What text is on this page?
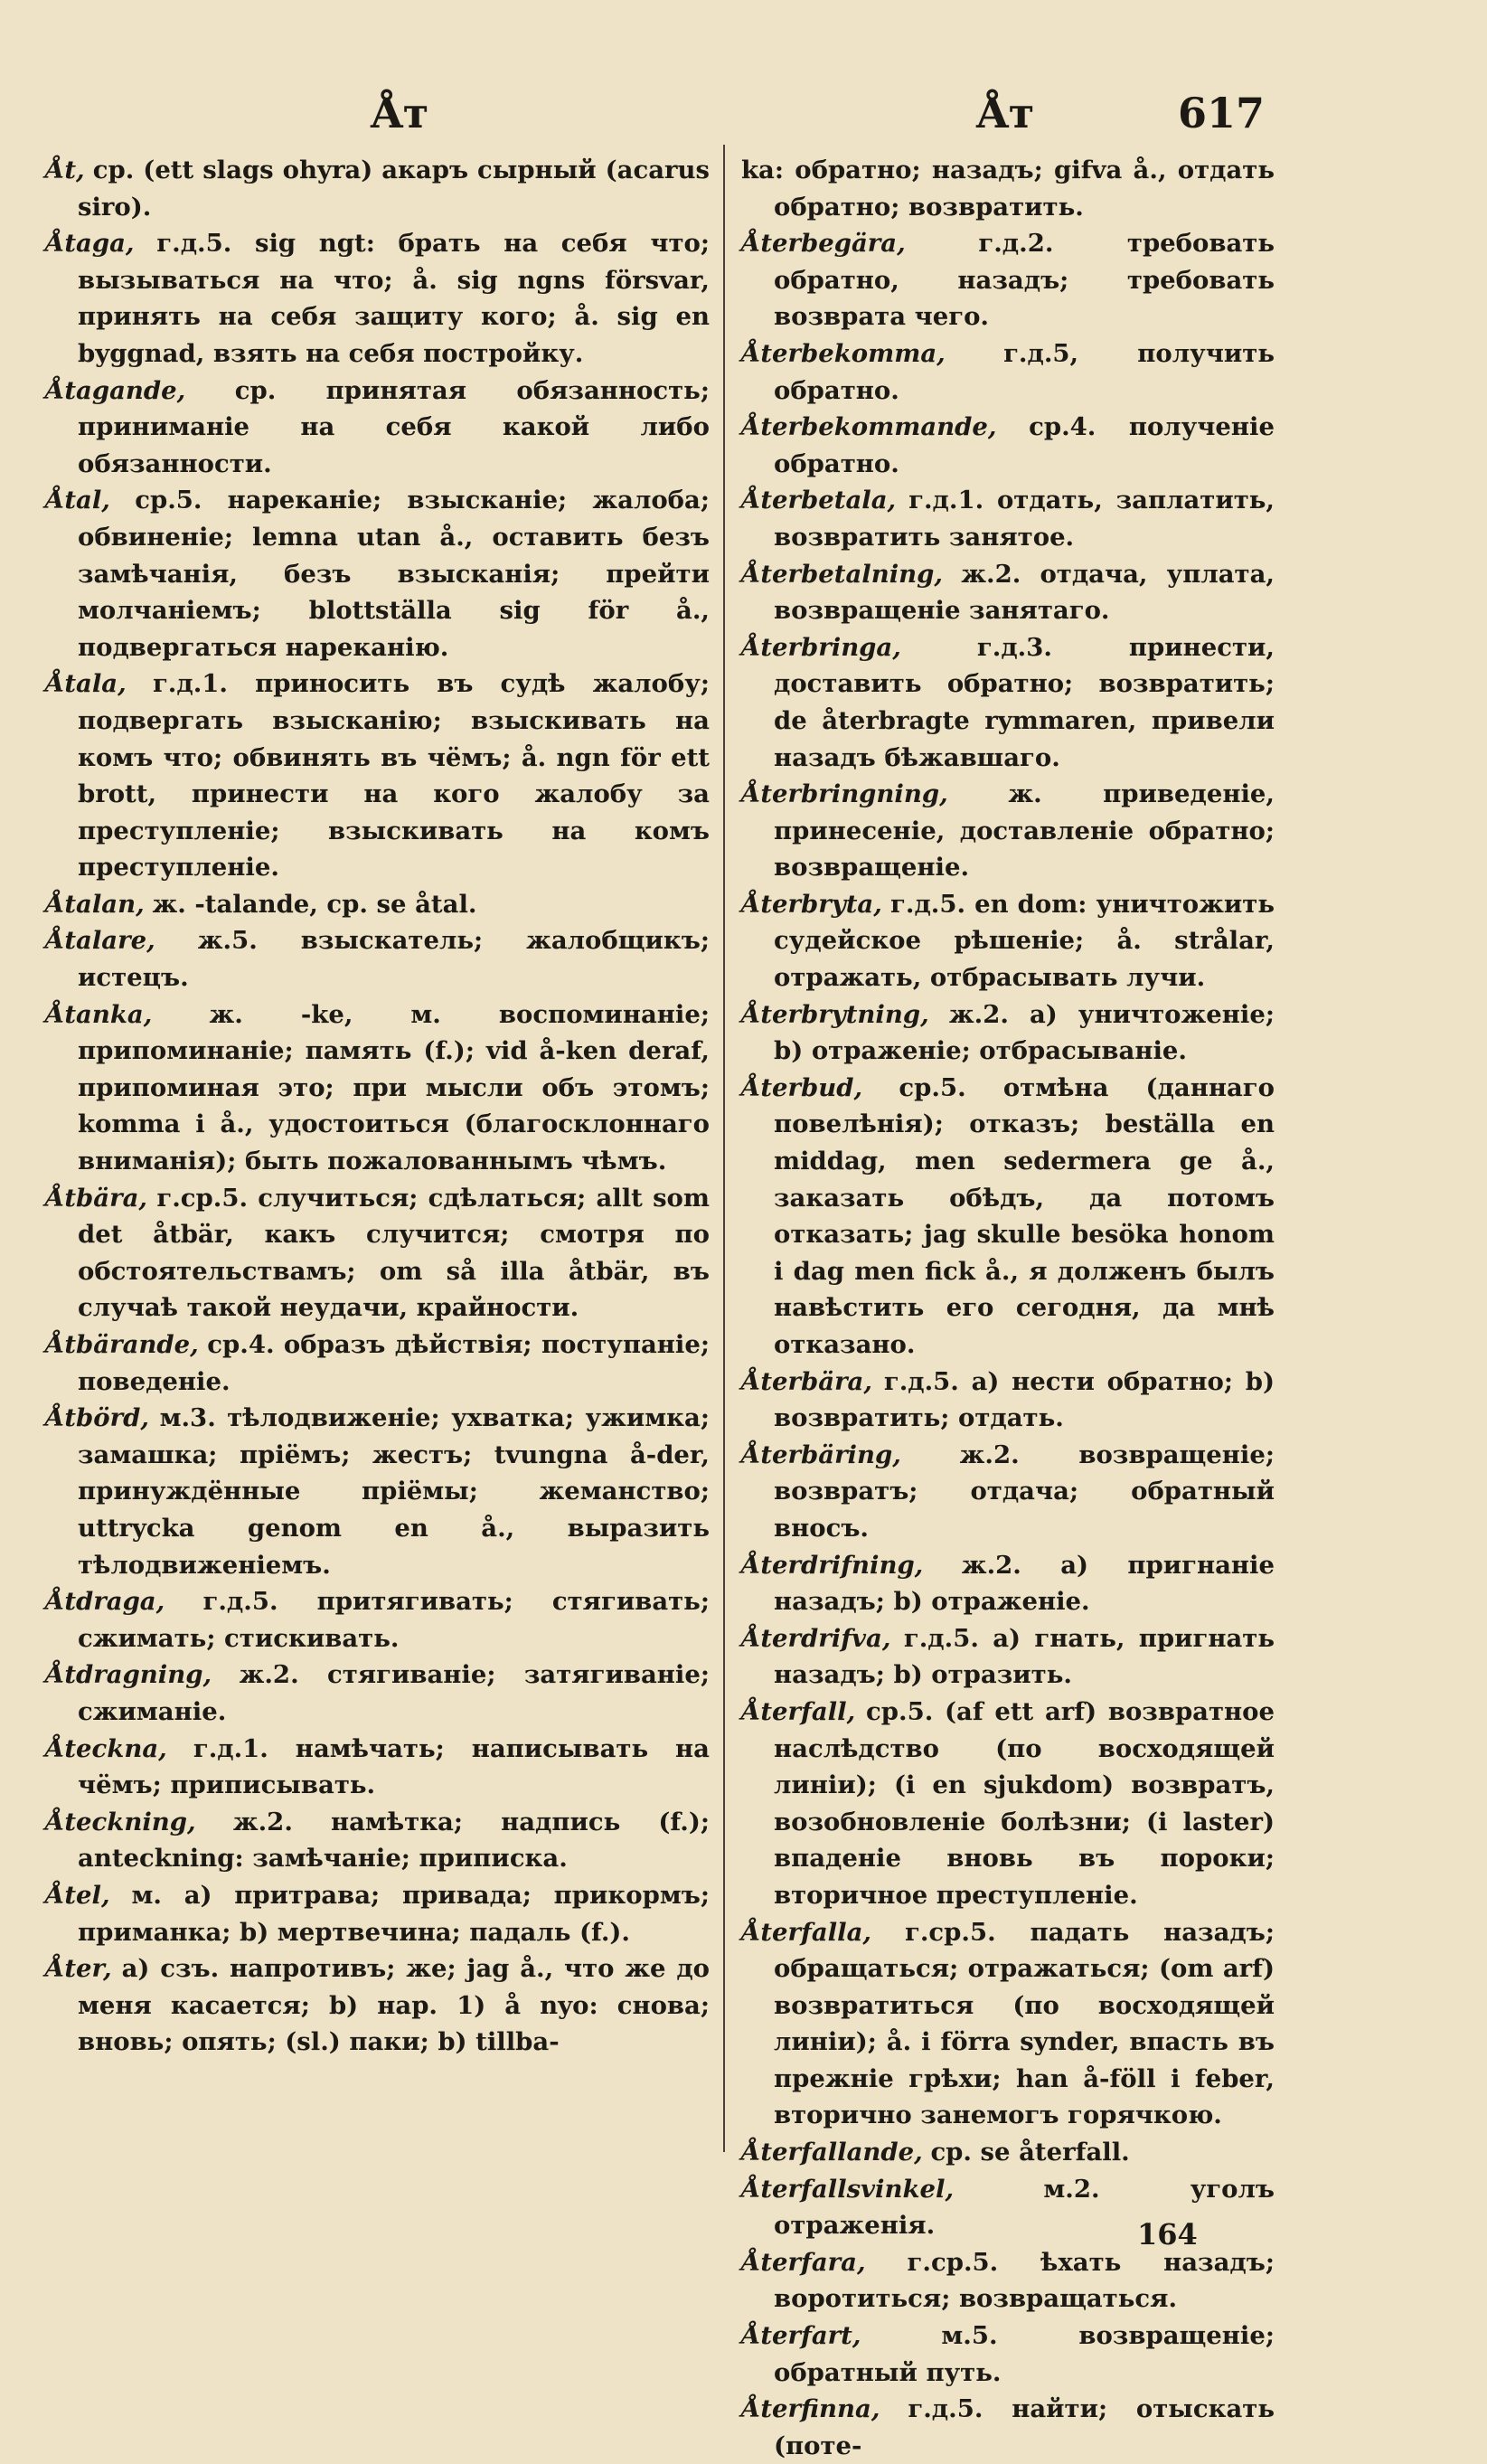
Åт	Åт	617
Åt, ср. (ett slags ohyra) акаръ сырный (acarus siro).
Åtaga, г.д.5. sig ngt: брать на себя что; вызываться на что; å. sig ngns försvar, принять на себя защиту кого; å. sig en byggnad, взять на себя постройку.
Åtagande, ср. принятая обязанность; приниманіе на себя какой либо обязанности.
Åtal, ср.5. нареканіе; взысканіе; жалоба; обвиненіе; lemna utan å., оставить безъ замѣчанія, безъ взысканія; прейти молчаніемъ; blottställa sig för å., подвергаться нареканію.
Åtala, г.д.1. приносить въ судѣ жалобу; подвергать взысканію; взыскивать на комъ что; обвинять въ чёмъ; å. ngn för ett brott, принести на кого жалобу за преступленіе; взыскивать на комъ преступленіе.
Åtalan, ж. -talande, ср. se åtal.
Åtalare, ж.5. взыскатель; жалобщикъ; истецъ.
Åtanka, ж. -ke, м. воспоминаніе; припоминаніе; память (f.); vid å-ken deraf, припоминая это; при мысли объ этомъ; komma i å., удостоиться (благосклоннаго вниманія); быть пожалованнымъ чѣмъ.
Åtbära, г.ср.5. случиться; сдѣлаться; allt som det åtbär, какъ случится; смотря по обстоятельствамъ; om så illa åtbär, въ случаѣ такой неудачи, крайности.
Åtbärande, ср.4. образъ дѣйствія; поступаніе; поведеніе.
Åtbörd, м.3. тѣлодвиженіе; ухватка; ужимка; замашка; пріёмъ; жестъ; tvungna å-der, принуждённые пріёмы; жеманство; uttrycka genom en å., выразить тѣлодвиженіемъ.
Åtdraga, г.д.5. притягивать; стягивать; сжимать; стискивать.
Åtdragning, ж.2. стягиваніе; затягиваніе; сжиманіе.
Åteckna, г.д.1. намѣчать; написывать на чёмъ; приписывать.
Åteckning, ж.2. намѣтка; надпись (f.); anteckning: замѣчаніе; приписка.
Åtel, м. a) притрава; привада; прикормъ; приманка; b) мертвечина; падаль (f.).
Åter, a) сзъ. напротивъ; же; jag å., что же до меня касается; b) нар. 1) å nyo: снова; вновь; опять; (sl.) паки; b) tillba-
ka: обратно; назадъ; gifva å., отдать обратно; возвратить.
Återbegära,	г.д.2. требовать обратно, назадъ; требовать возврата чего.
Återbekomma, г.д.5, получить обратно.
Återbekommande, ср.4. полученіе обратно.
Återbetala, г.д.1. отдать, заплатить, возвратить занятое.
Återbetalning, ж.2. отдача, уплата, возвращеніе занятаго.
Återbringa,	г.д.3. принести, доставить обратно; возвратить; de återbragte rymmaren, привели назадъ бѣжавшаго.
Återbringning, ж. приведеніе, принесеніе, доставленіе обратно; возвращеніе.
Återbryta, г.д.5. en dom: уничтожить судейское рѣшеніе; å. strålar, отражать, отбрасывать лучи.
Återbrytning, ж.2. a) уничтоженіе; b) отраженіе; отбрасываніе.
Återbud, ср.5. отмѣна (даннаго повелѣнія); отказъ; beställa en middag, men sedermera ge å., заказать обѣдъ, да потомъ отказать; jag skulle besöka honom i dag men fick å., я долженъ былъ навѣстить его сегодня, да мнѣ отказано.
Återbära, г.д.5. a) нести обратно; b) возвратить; отдать.
Återbäring, ж.2. возвращеніе; возвратъ; отдача; обратный вносъ.
Återdrifning, ж.2. a) пригнаніе назадъ; b) отраженіе.
Återdrifva, г.д.5. a) гнать, пригнать назадъ; b) отразить.
Återfall, ср.5. (af ett arf) возвратное наслѣдство (по восходящей линіи); (i en sjukdom) возвратъ, возобновленіе болѣзни; (i laster) впаденіе вновь въ пороки; вторичное преступленіе.
Återfalla, г.ср.5. падать назадъ; обращаться; отражаться; (om arf) возвратиться (по восходящей линіи); å. i förra synder, впасть въ прежніе грѣхи; han å-föll i feber, вторично занемогъ горячкою.
Återfallande, ср. se återfall.
Återfallsvinkel,	м.2. уголъ отраженія.
Återfara, г.ср.5. ѣхать назадъ; воротиться; возвращаться.
Återfart,	м.5. возвращеніе; обратный путь.
Återfinna, г.д.5. найти; отыскать (поте-
164
